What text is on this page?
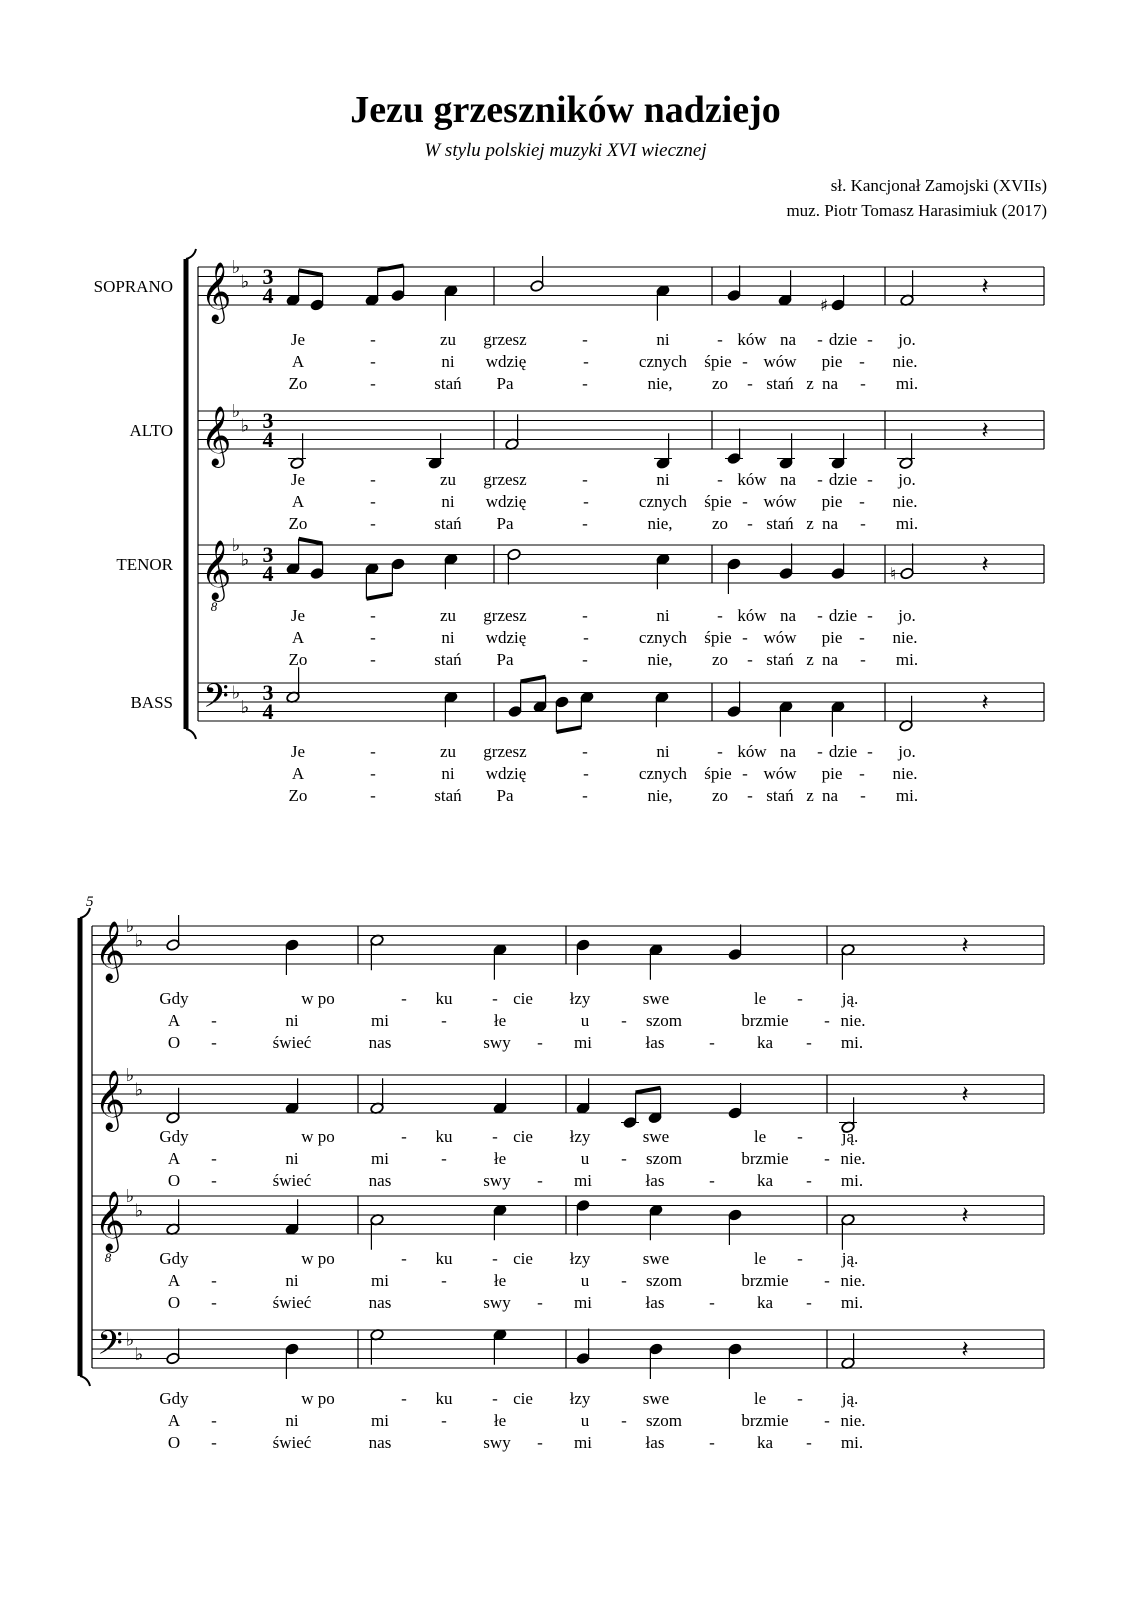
Jezu grzeszników nadziejo
W stylu polskiej muzyki XVI wiecznej
sł. Kancjonał Zamojski (XVIIs)
muz. Piotr Tomasz Harasimiuk (2017)
SOPRANO
ALTO
TENOR
BASS
𝄞 ♭
♭ 3
4
𝄞 ♭
♭ 3
4
𝄞
8
♭
♭ 3
4
𝄢 ♭
♭
3
4
♯
𝄽
𝄽
♮	𝄽
𝄽
Je	-	zu grzesz	-	ni	- ków na - dzie - jo.
A	-	ni wdzię	-	cznych śpie - wów pie - nie.
Zo	-	stań Pa	-	nie, zo - stań z na - mi.
Je	-	zu grzesz	-	ni	- ków na - dzie - jo.
A	-	ni wdzię	-	cznych śpie - wów pie - nie.
Zo	-	stań Pa	-	nie, zo - stań z na - mi.
Je	-	zu grzesz	-	ni	- ków na - dzie - jo.
A	-	ni wdzię	-	cznych śpie - wów pie - nie.
Zo	-	stań Pa	-	nie, zo - stań z na - mi.
Je	-	zu grzesz	-	ni	- ków na - dzie - jo.
A	-	ni wdzię	-	cznych śpie - wów pie - nie.
Zo	-	stań Pa	-	nie, zo - stań z na - mi.
5
𝄞 ♭
♭
𝄞 ♭
♭
𝄞
8
♭
♭
𝄢 ♭
♭
𝄽
𝄽
𝄽
𝄽
Gdy	w po	- ku - cie łzy	swe	le - ją.
A -	ni	mi	-	łe	u - szom	brzmie - nie.
O -	świeć	nas	swy - mi	łas	- ka - mi.
Gdy	w po	- ku - cie łzy	swe	le - ją.
A -	ni	mi	-	łe	u - szom	brzmie - nie.
O -	świeć	nas	swy - mi	łas	- ka - mi.
Gdy	w po	- ku - cie łzy	swe	le - ją.
A -	ni	mi	-	łe	u - szom	brzmie - nie.
O -	świeć	nas	swy - mi	łas	- ka - mi.
Gdy	w po	- ku - cie łzy	swe	le - ją.
A -	ni	mi	-	łe	u - szom	brzmie - nie.
O -	świeć	nas	swy - mi	łas	- ka - mi.
